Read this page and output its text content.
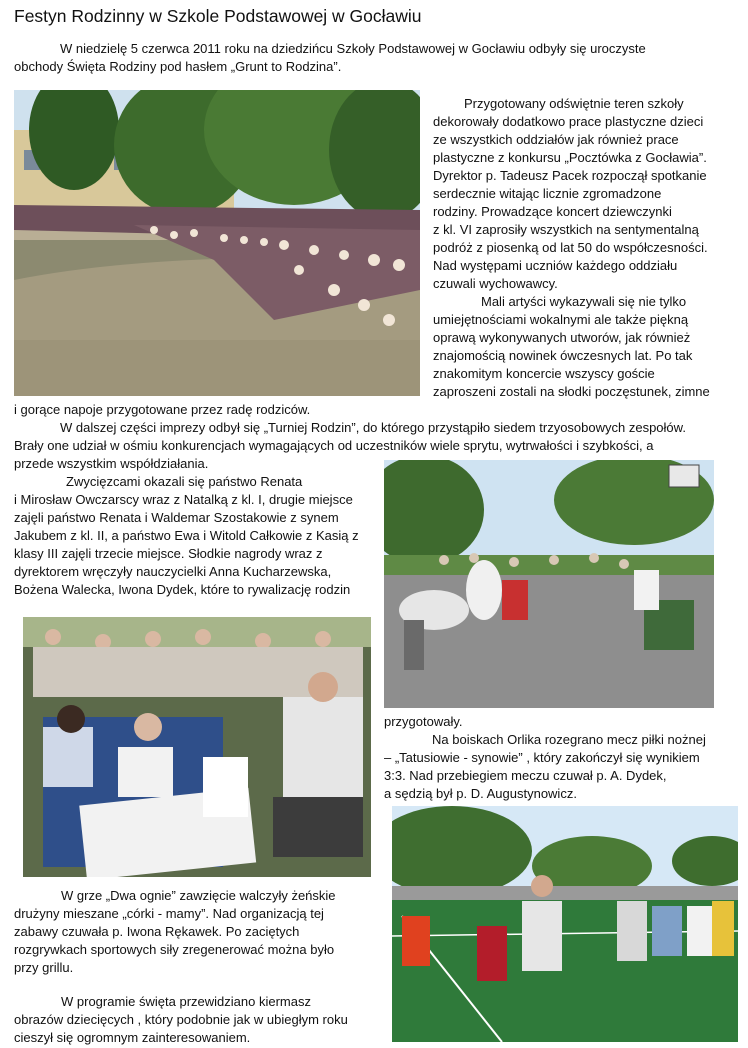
Festyn Rodzinny w Szkole Podstawowej w Gocławiu
W niedzielę 5 czerwca 2011 roku na dziedzińcu Szkoły Podstawowej w Gocławiu odbyły się uroczyste
obchody Święta Rodziny pod hasłem „Grunt to Rodzina”.
Przygotowany odświętnie teren szkoły
dekorowały dodatkowo prace plastyczne dzieci
ze wszystkich oddziałów jak również prace
plastyczne z konkursu „Pocztówka z Gocławia”.
Dyrektor p. Tadeusz Pacek rozpoczął spotkanie
serdecznie witając licznie zgromadzone
rodziny. Prowadzące koncert dziewczynki
z kl. VI zaprosiły wszystkich na sentymentalną
podróż z piosenką od lat 50 do współczesności.
Nad występami uczniów każdego oddziału
czuwali wychowawcy.
Mali artyści wykazywali się nie tylko
umiejętnościami wokalnymi ale także piękną
oprawą wykonywanych utworów, jak również
znajomością nowinek ówczesnych lat. Po tak
znakomitym koncercie wszyscy goście
zaproszeni zostali na słodki poczęstunek, zimne
i gorące napoje przygotowane przez radę rodziców.
W dalszej części imprezy odbył się „Turniej Rodzin”, do którego przystąpiło siedem trzyosobowych zespołów.
Brały one udział w ośmiu konkurencjach wymagających od uczestników wiele sprytu, wytrwałości i szybkości, a
przede wszystkim współdziałania.
Zwycięzcami okazali się państwo Renata
i Mirosław Owczarscy wraz z Natalką z kl. I, drugie miejsce
zajęli państwo Renata i Waldemar Szostakowie z synem
Jakubem z kl. II, a państwo Ewa i Witold Całkowie z Kasią z
klasy III zajęli trzecie miejsce. Słodkie nagrody wraz z
dyrektorem wręczyły nauczycielki Anna Kucharzewska,
Bożena Walecka, Iwona Dydek, które to rywalizację rodzin
przygotowały.
Na boiskach Orlika rozegrano mecz piłki nożnej
– „Tatusiowie - synowie” , który zakończył się wynikiem
3:3. Nad przebiegiem meczu czuwał p. A. Dydek,
a sędzią był p. D. Augustynowicz.
W grze „Dwa ognie” zawzięcie walczyły żeńskie
drużyny mieszane „córki - mamy”. Nad organizacją tej
zabawy czuwała p. Iwona Rękawek. Po zaciętych
rozgrywkach sportowych siły zregenerować można było
przy grillu.
W programie święta przewidziano kiermasz
obrazów dziecięcych , który podobnie jak w ubiegłym roku
cieszył się ogromnym zainteresowaniem.
